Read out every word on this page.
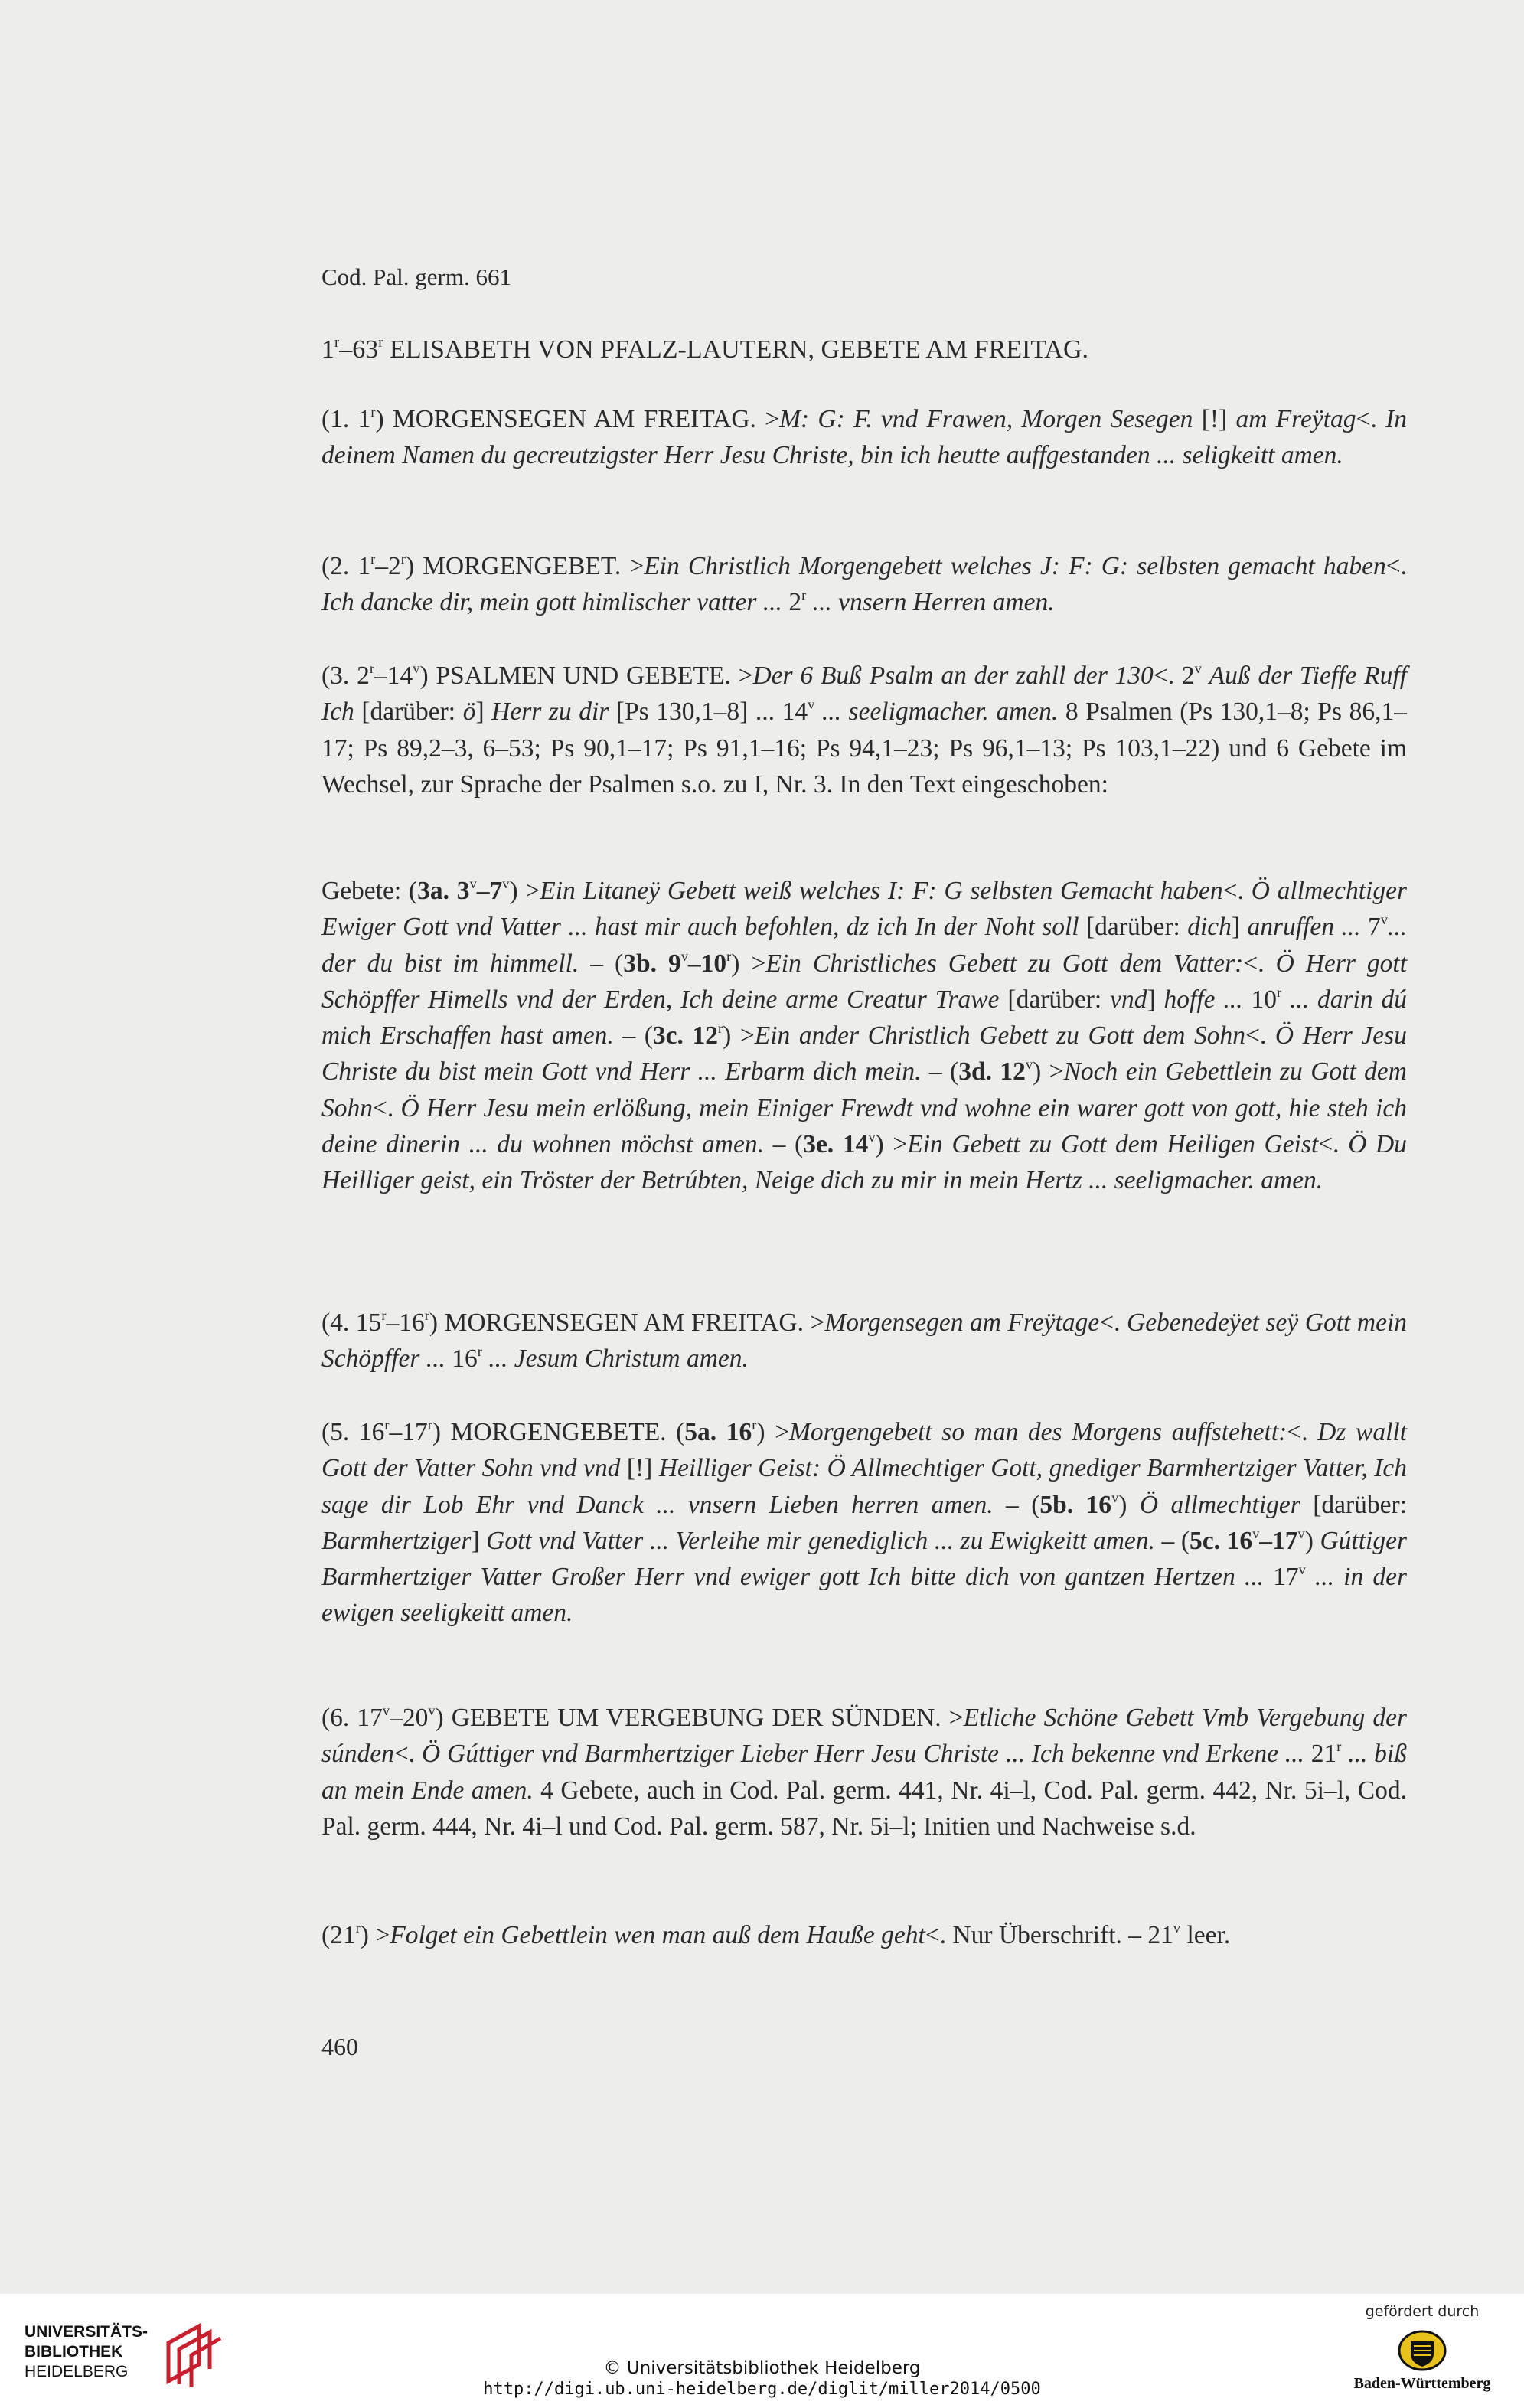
Cod. Pal. germ. 661
1$^r$–63$^r$ ELISABETH VON PFALZ-LAUTERN, GEBETE AM FREITAG.
(1. 1$^r$) MORGENSEGEN AM FREITAG. >M: G: F. vnd Frawen, Morgen Sesegen [!] am Freÿtag<. In deinem Namen du gecreutzigster Herr Jesu Christe, bin ich heutte auffgestanden ... seligkeitt amen.
(2. 1$^r$–2$^r$) MORGENGEBET. >Ein Christlich Morgengebett welches J: F: G: selbsten gemacht haben<. Ich dancke dir, mein gott himlischer vatter ... 2$^r$ ... vnsern Herren amen.
(3. 2$^r$–14$^v$) PSALMEN UND GEBETE. >Der 6 Buß Psalm an der zahll der 130<. 2$^v$ Auß der Tieffe Ruff Ich [darüber: ö] Herr zu dir [Ps 130,1–8] ... 14$^v$ ... seeligmacher. amen. 8 Psalmen (Ps 130,1–8; Ps 86,1–17; Ps 89,2–3, 6–53; Ps 90,1–17; Ps 91,1–16; Ps 94,1–23; Ps 96,1–13; Ps 103,1–22) und 6 Gebete im Wechsel, zur Sprache der Psalmen s.o. zu I, Nr. 3. In den Text eingeschoben:
Gebete: (3a. $3^v-7^v) >Ein$ Litaneÿ Gebett weiß welches I: F: G selbsten Gemacht haben<. Ö allmechtiger Ewiger Gott vnd Vatter ... hast mir auch befohlen, dz ich In der Noht soll [darüber: dich] anruffen ... 7$^v$... der du bist im himmell. – (3b. $9^v-10^r) >Ein$ Christliches Gebett zu Gott dem Vatter:<. Ö Herr gott Schöpffer Himells vnd der Erden, Ich deine arme Creatur Trawe [darüber: vnd] hoffe ... 10$^r$ ... darin dú mich Erschaffen hast amen. – (3c. $12^r) >Ein$ ander Christlich Gebett zu Gott dem Sohn<. Ö Herr Jesu Christe du bist mein Gott vnd Herr ... Erbarm dich mein. – (3d. $12^v$) >Noch ein Gebettlein zu Gott dem Sohn<. Ö Herr Jesu mein erlößung, mein Einiger Frewdt vnd wohne ein warer gott von gott, hie steh ich deine dinerin ... du wohnen möchst amen. – (3e. $14^v) >Ein$ Gebett zu Gott dem Heiligen Geist<. Ö Du Heilliger geist, ein Tröster der Betrúbten, Neige dich zu mir in mein Hertz ... seeligmacher. amen.
(4. 15$^r$–16$^r$) MORGENSEGEN AM FREITAG. >Morgensegen am Freÿtage<. Gebenedeÿet seÿ Gott mein Schöpffer ... 16$^r$ ... Jesum Christum amen.
(5. 16$^r$–17$^r$) MORGENGEBETE. (5a. $16^r$) >Morgengebett so man des Morgens auffstehett:<. Dz wallt Gott der Vatter Sohn vnd vnd [!] Heilliger Geist: Ö Allmechtiger Gott, gnediger Barmhertziger Vatter, Ich sage dir Lob Ehr vnd Danck ... vnsern Lieben herren amen. – (5b. 16$^v$) Ö allmechtiger [darüber: Barmhertziger] Gott vnd Vatter ... Verleihe mir genediglich ... zu Ewigkeitt amen. – (5c. 16$^v$–17$^v$) Gúttiger Barmhertziger Vatter Großer Herr vnd ewiger gott Ich bitte dich von gantzen Hertzen ... 17$^v$ ... in der ewigen seeligkeitt amen.
(6. 17$^v$–20$^v$) GEBETE UM VERGEBUNG DER SÜNDEN. >Etliche Schöne Gebett Vmb Vergebung der súnden<. Ö Gúttiger vnd Barmhertziger Lieber Herr Jesu Christe ... Ich bekenne vnd Erkene ... 21$^r$ ... biß an mein Ende amen. 4 Gebete, auch in Cod. Pal. germ. 441, Nr. 4i–l, Cod. Pal. germ. 442, Nr. 5i–l, Cod. Pal. germ. 444, Nr. 4i–l und Cod. Pal. germ. 587, Nr. 5i–l; Initien und Nachweise s.d.
$(21^r)$ >Folget ein Gebettlein wen man auß dem Hauße geht<. Nur Überschrift. – 21$^v$ leer.
460
UNIVERSITÄTS-
BIBLIOTHEK
HEIDELBERG	© Universitätsbibliothek Heidelberg
http://digi.ub.uni-heidelberg.de/diglit/miller2014/0500
gefördert durch
Baden-Württemberg
